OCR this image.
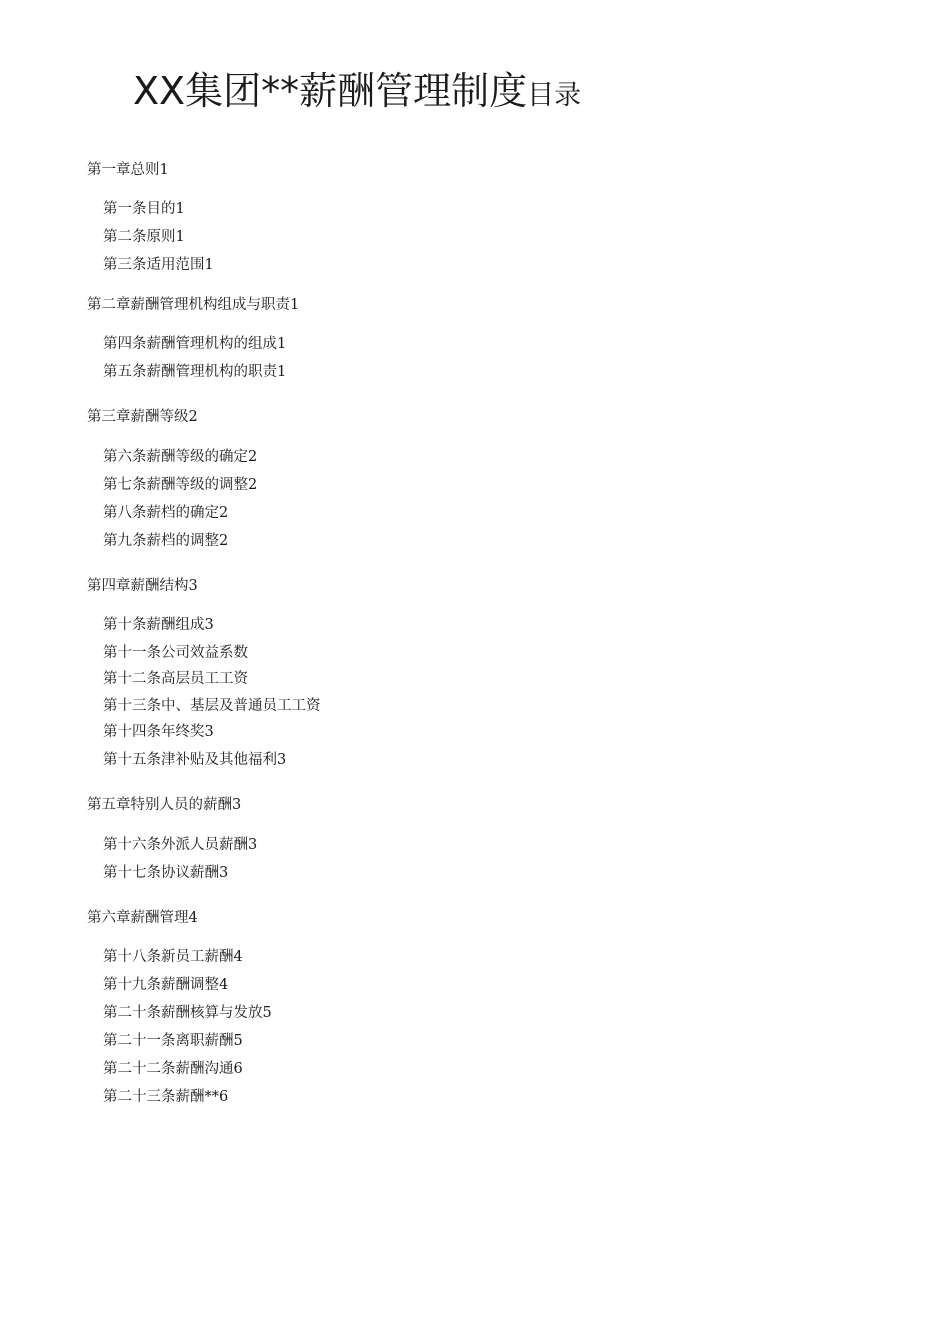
XX集团**薪酬管理制度目录
第一章总则1
第一条目的1
第二条原则1
第三条适用范围1
第二章薪酬管理机构组成与职责1
第四条薪酬管理机构的组成1
第五条薪酬管理机构的职责1
第三章薪酬等级2
第六条薪酬等级的确定2
第七条薪酬等级的调整2
第八条薪档的确定2
第九条薪档的调整2
第四章薪酬结构3
第十条薪酬组成3
第十一条公司效益系数
第十二条高层员工工资
第十三条中、基层及普通员工工资
第十四条年终奖3
第十五条津补贴及其他福利3
第五章特别人员的薪酬3
第十六条外派人员薪酬3
第十七条协议薪酬3
第六章薪酬管理4
第十八条新员工薪酬4
第十九条薪酬调整4
第二十条薪酬核算与发放5
第二十一条离职薪酬5
第二十二条薪酬沟通6
第二十三条薪酬**6
